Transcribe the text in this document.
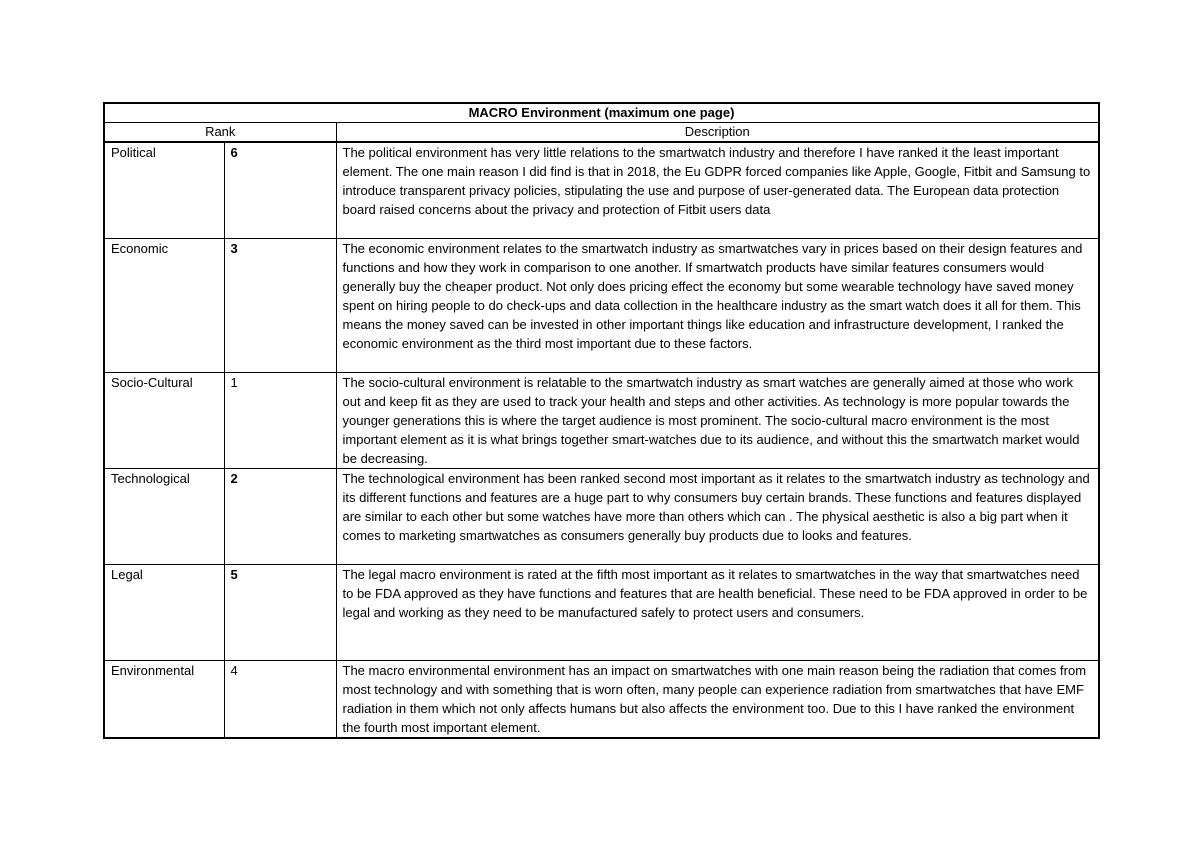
MACRO Environment (maximum one page)		
Rank		Description
Political	6	The political environment has very little relations to the smartwatch industry and therefore I have ranked it the least important element. The one main reason I did find is that in 2018, the Eu GDPR forced companies like Apple, Google, Fitbit and Samsung to introduce transparent privacy policies, stipulating the use and purpose of user-generated data. The European data protection board raised concerns about the privacy and protection of Fitbit users data
Economic	3	The economic environment relates to the smartwatch industry as smartwatches vary in prices based on their design features and functions and how they work in comparison to one another. If smartwatch products have similar features consumers would generally buy the cheaper product. Not only does pricing effect the economy but some wearable technology have saved money spent on hiring people to do check-ups and data collection in the healthcare industry as the smart watch does it all for them. This means the money saved can be invested in other important things like education and infrastructure development, I ranked the economic environment as the third most important due to these factors.
Socio-Cultural	1	The socio-cultural environment is relatable to the smartwatch industry as smart watches are generally aimed at those who work out and keep fit as they are used to track your health and steps and other activities. As technology is more popular towards the younger generations this is where the target audience is most prominent. The socio-cultural macro environment is the most important element as it is what brings together smart-watches due to its audience, and without this the smartwatch market would be decreasing.
Technological	2	The technological environment has been ranked second most important as it relates to the smartwatch industry as technology and its different functions and features are a huge part to why consumers buy certain brands. These functions and features displayed are similar to each other but some watches have more than others which can . The physical aesthetic is also a big part when it comes to marketing smartwatches as consumers generally buy products due to looks and features.
Legal	5	The legal macro environment is rated at the fifth most important as it relates to smartwatches in the way that smartwatches need to be FDA approved as they have functions and features that are health beneficial. These need to be FDA approved in order to be legal and working as they need to be manufactured safely to protect users and consumers.
Environmental	4	The macro environmental environment has an impact on smartwatches with one main reason being the radiation that comes from most technology and with something that is worn often, many people can experience radiation from smartwatches that have EMF radiation in them which not only affects humans but also affects the environment too. Due to this I have ranked the environment the fourth most important element.
